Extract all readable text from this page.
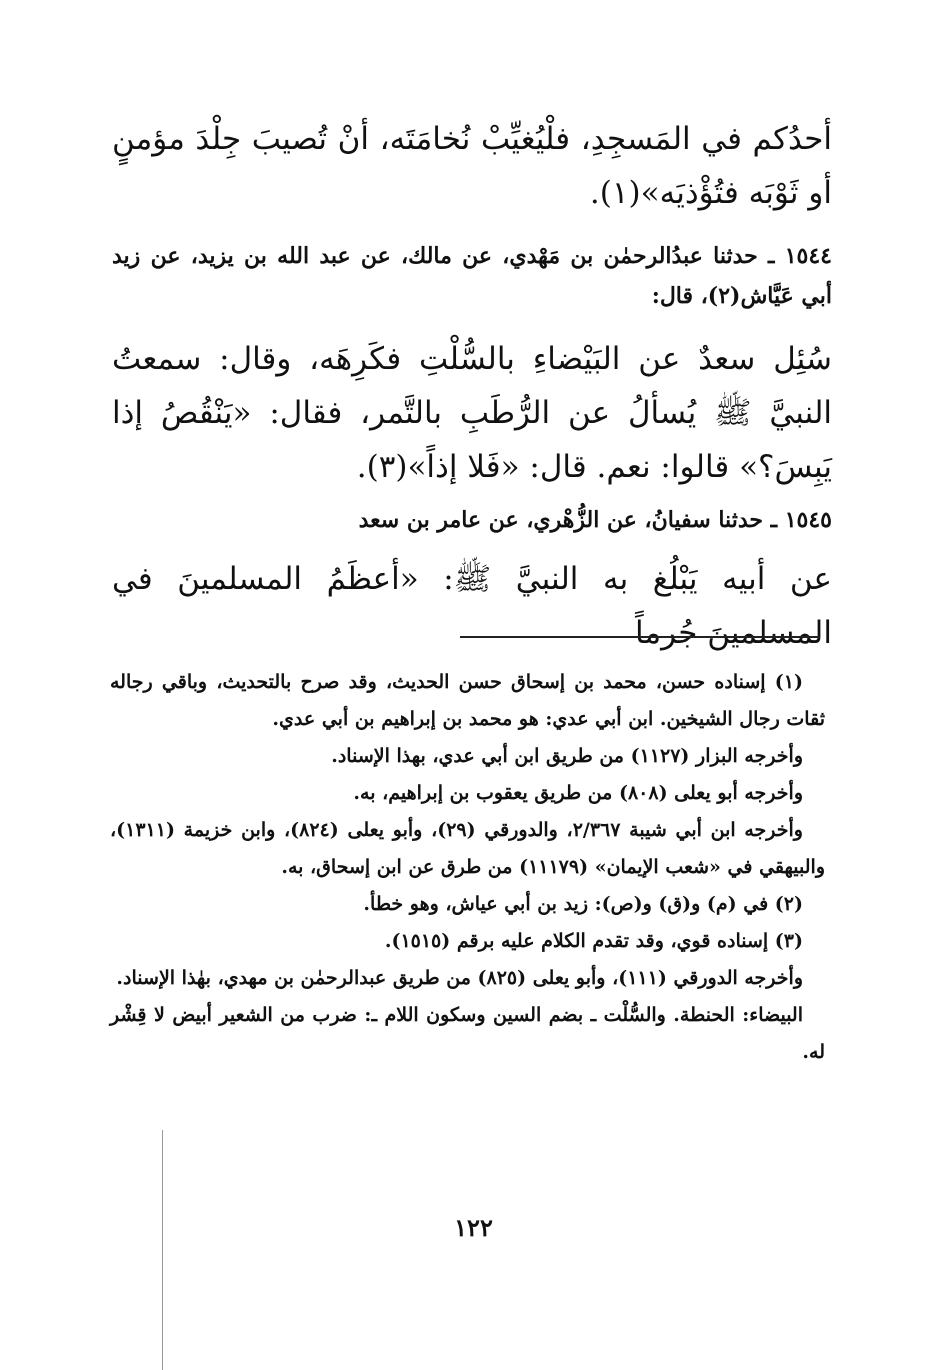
أحدُكم في المَسجِدِ، فلْيُغيِّبْ نُخامَتَه، أنْ تُصيبَ جِلْدَ مؤمنٍ أو ثَوْبَه فتُؤْذيَه»(١).

١٥٤٤ ـ حدثنا عبدُالرحمٰن بن مَهْدي، عن مالك، عن عبد الله بن يزيد، عن زيد أبي عَيَّاش(٢)، قال:

سُئِل سعدٌ عن البَيْضاءِ بالسُّلْتِ فكَرِهَه، وقال: سمعتُ النبيَّ ﷺ يُسألُ عن الرُّطَبِ بالتَّمر، فقال: «يَنْقُصُ إذا يَبِسَ؟» قالوا: نعم. قال: «فَلا إذاً»(٣).

١٥٤٥ ـ حدثنا سفيانُ، عن الزُّهْري، عن عامر بن سعد

عن أبيه يَبْلُغ به النبيَّ ﷺ: «أعظَمُ المسلمينَ في المسلمينَ جُرماً

(١) إسناده حسن، محمد بن إسحاق حسن الحديث، وقد صرح بالتحديث، وباقي رجاله ثقات رجال الشيخين. ابن أبي عدي: هو محمد بن إبراهيم بن أبي عدي.

وأخرجه البزار (١١٢٧) من طريق ابن أبي عدي، بهذا الإسناد.

وأخرجه أبو يعلى (٨٠٨) من طريق يعقوب بن إبراهيم، به.

وأخرجه ابن أبي شيبة ٢/٣٦٧، والدورقي (٢٩)، وأبو يعلى (٨٢٤)، وابن خزيمة (١٣١١)، والبيهقي في «شعب الإيمان» (١١١٧٩) من طرق عن ابن إسحاق، به.

(٢) في (م) و(ق) و(ص): زيد بن أبي عياش، وهو خطأ.

(٣) إسناده قوي، وقد تقدم الكلام عليه برقم (١٥١٥).

وأخرجه الدورقي (١١١)، وأبو يعلى (٨٢٥) من طريق عبدالرحمٰن بن مهدي، بهٰذا الإسناد.

البيضاء: الحنطة. والسُّلْت ـ بضم السين وسكون اللام ـ: ضرب من الشعير أبيض لا قِشْر له.

١٢٢
